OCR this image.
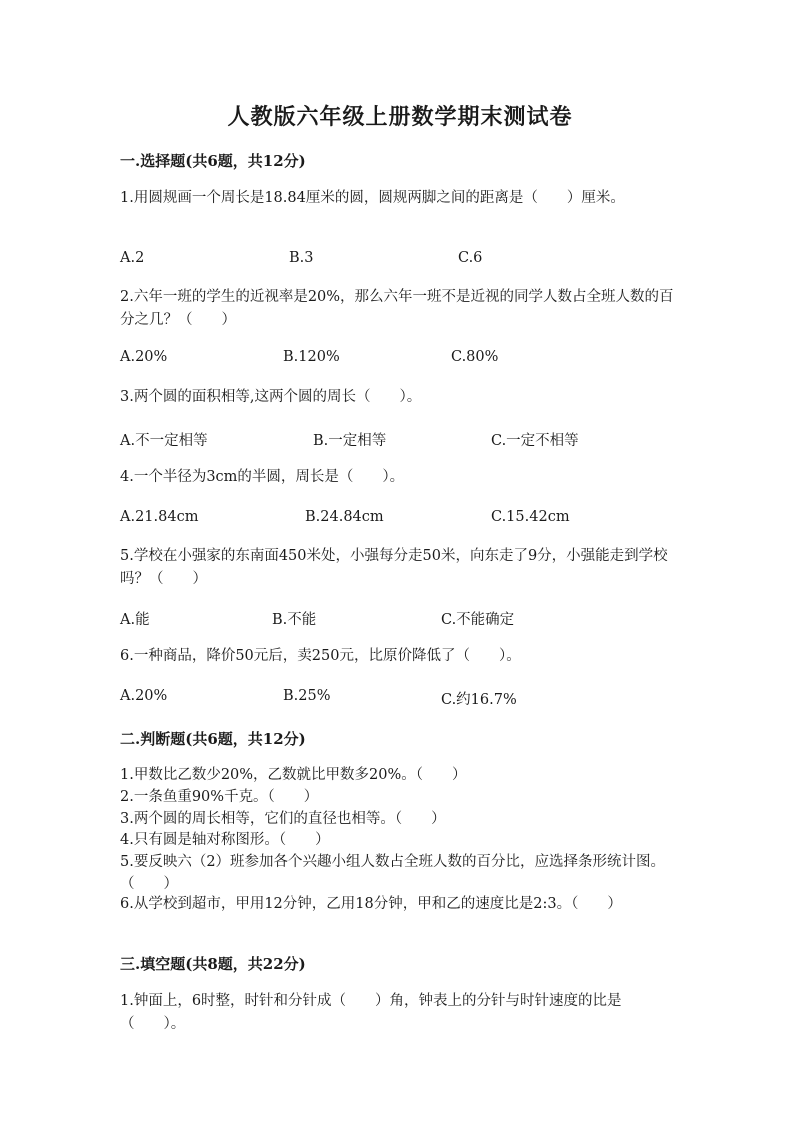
人教版六年级上册数学期末测试卷
一.选择题(共6题，共12分)
1.用圆规画一个周长是18.84厘米的圆，圆规两脚之间的距离是（　　）厘米。
A.2	B.3	C.6
2.六年一班的学生的近视率是20%，那么六年一班不是近视的同学人数占全班人数的百分之几？（　　）
A.20%	B.120%	C.80%
3.两个圆的面积相等,这两个圆的周长（　　）。
A.不一定相等	B.一定相等	C.一定不相等
4.一个半径为3cm的半圆，周长是（　　）。
A.21.84cm	B.24.84cm	C.15.42cm
5.学校在小强家的东南面450米处，小强每分走50米，向东走了9分，小强能走到学校吗？（　　）
A.能	B.不能	C.不能确定
6.一种商品，降价50元后，卖250元，比原价降低了（　　）。
A.20%	B.25%	C.约16.7%
二.判断题(共6题，共12分)
1.甲数比乙数少20%，乙数就比甲数多20%。（　　）
2.一条鱼重90%千克。（　　）
3.两个圆的周长相等，它们的直径也相等。（　　）
4.只有圆是轴对称图形。（　　）
5.要反映六（2）班参加各个兴趣小组人数占全班人数的百分比，应选择条形统计图。（　　）
6.从学校到超市，甲用12分钟，乙用18分钟，甲和乙的速度比是2:3。（　　）
三.填空题(共8题，共22分)
1.钟面上，6时整，时针和分针成（　　）角，钟表上的分针与时针速度的比是（　　）。
